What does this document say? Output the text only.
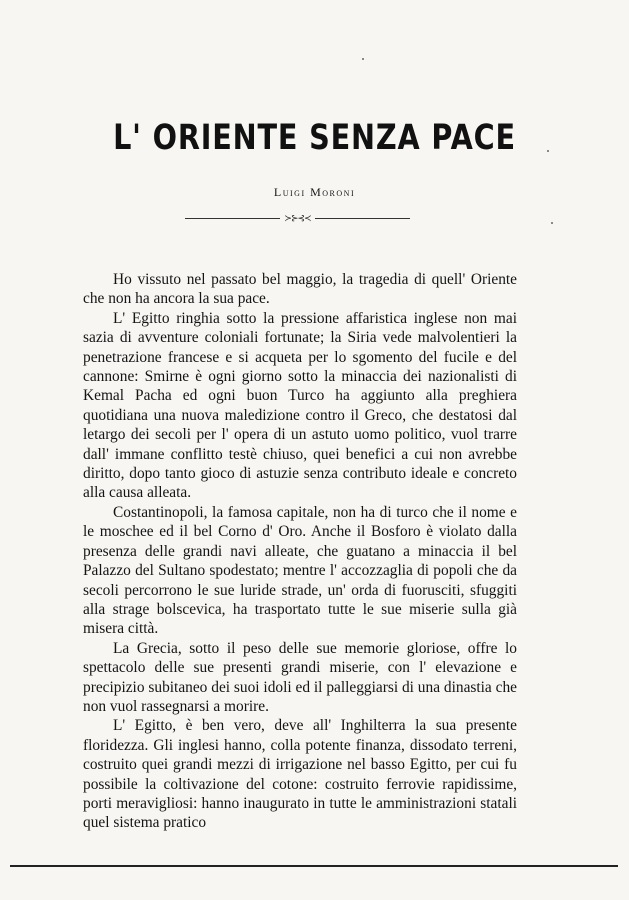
L' ORIENTE SENZA PACE
Luigi Moroni
≻⊱⊰≺

Ho vissuto nel passato bel maggio, la tragedia di quell' Oriente che non ha ancora la sua pace.

L' Egitto ringhia sotto la pressione affaristica inglese non mai sazia di avventure coloniali fortunate; la Siria vede malvolentieri la penetrazione francese e si acqueta per lo sgomento del fucile e del cannone: Smirne è ogni giorno sotto la minaccia dei nazionalisti di Kemal Pacha ed ogni buon Turco ha aggiunto alla preghiera quotidiana una nuova maledizione contro il Greco, che destatosi dal letargo dei secoli per l' opera di un astuto uomo politico, vuol trarre dall' immane conflitto testè chiuso, quei benefici a cui non avrebbe diritto, dopo tanto gioco di astuzie senza contributo ideale e concreto alla causa alleata.

Costantinopoli, la famosa capitale, non ha di turco che il nome e le moschee ed il bel Corno d' Oro. Anche il Bosforo è violato dalla presenza delle grandi navi alleate, che guatano a minaccia il bel Palazzo del Sultano spodestato; mentre l' accozzaglia di popoli che da secoli percorrono le sue luride strade, un' orda di fuorusciti, sfuggiti alla strage bolscevica, ha trasportato tutte le sue miserie sulla già misera città.

La Grecia, sotto il peso delle sue memorie gloriose, offre lo spettacolo delle sue presenti grandi miserie, con l' elevazione e precipizio subitaneo dei suoi idoli ed il palleggiarsi di una dinastia che non vuol rassegnarsi a morire.

L' Egitto, è ben vero, deve all' Inghilterra la sua presente floridezza. Gli inglesi hanno, colla potente finanza, dissodato terreni, costruito quei grandi mezzi di irrigazione nel basso Egitto, per cui fu possibile la coltivazione del cotone: costruito ferrovie rapidissime, porti meravigliosi: hanno inaugurato in tutte le amministrazioni statali quel sistema pratico
